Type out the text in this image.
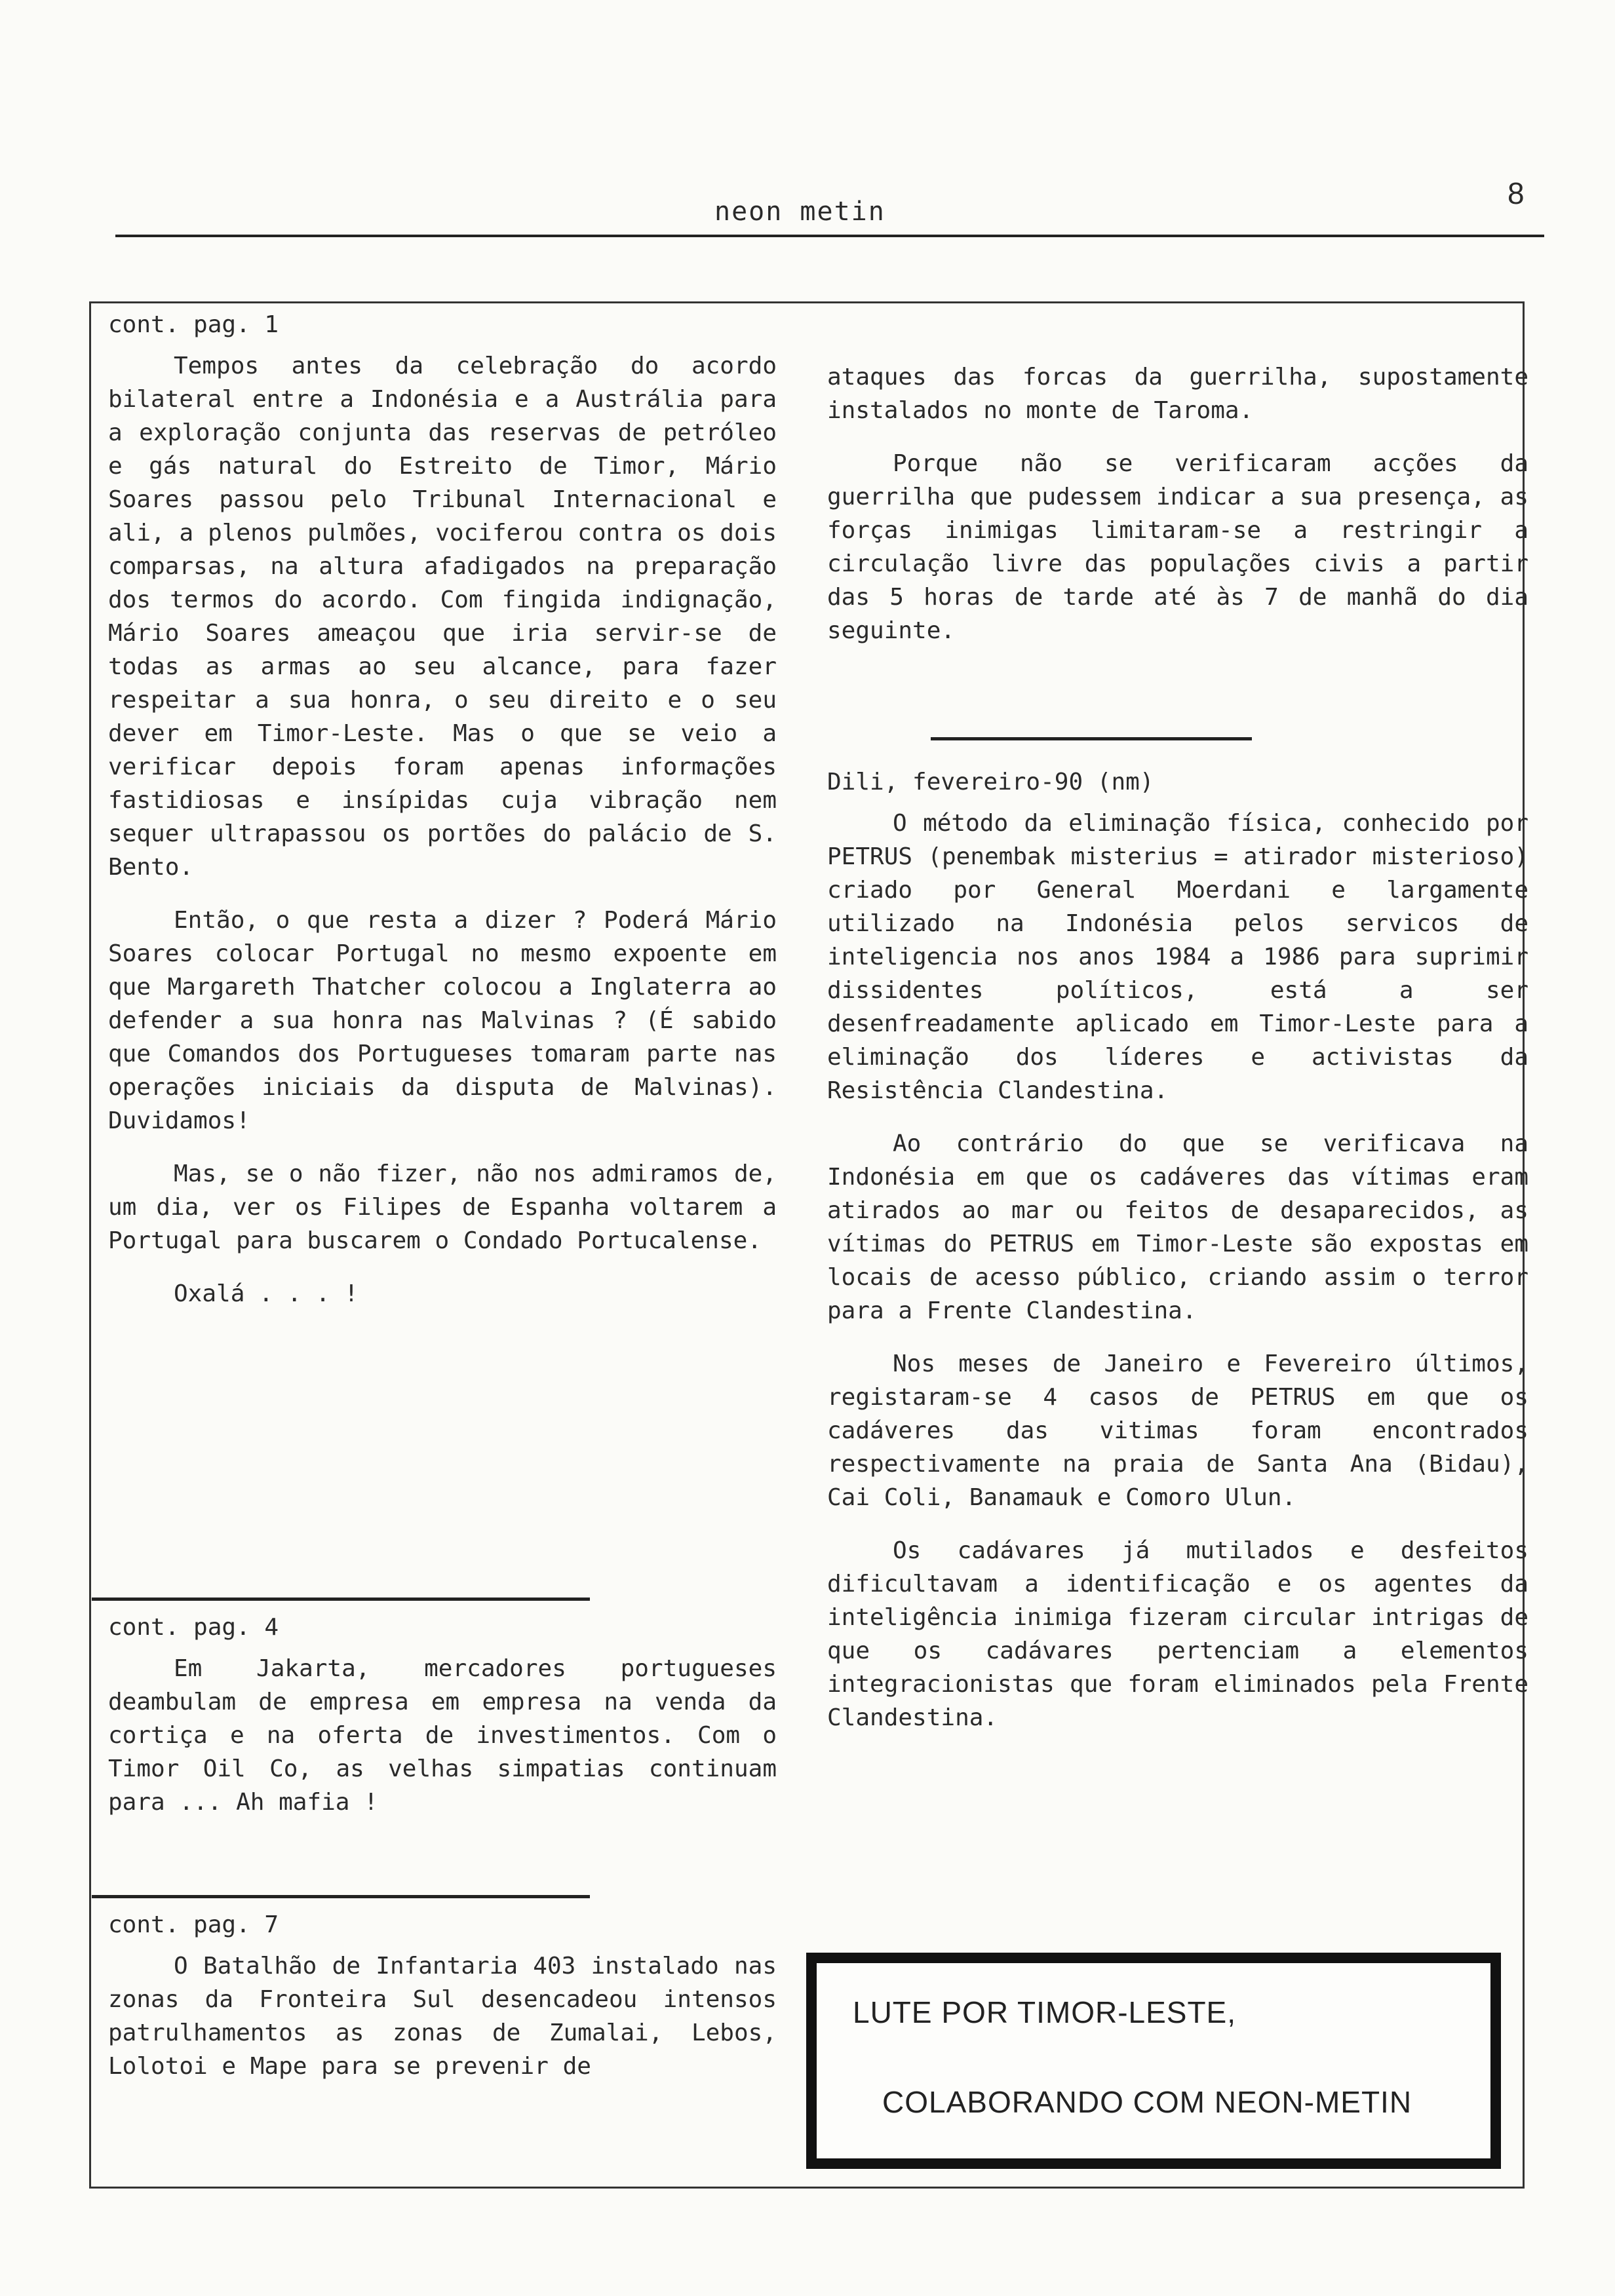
neon metin
8

cont. pag. 1

Tempos antes da celebração do acordo bilateral entre a Indonésia e a Austrália para a exploração conjunta das reservas de petróleo e gás natural do Estreito de Timor, Mário Soares passou pelo Tribunal Internacional e ali, a plenos pulmões, vociferou contra os dois comparsas, na altura afadigados na preparação dos termos do acordo. Com fingida indignação, Mário Soares ameaçou que iria servir-se de todas as armas ao seu alcance, para fazer respeitar a sua honra, o seu direito e o seu dever em Timor-Leste. Mas o que se veio a verificar depois foram apenas informações fastidiosas e insípidas cuja vibração nem sequer ultrapassou os portões do palácio de S. Bento.

Então, o que resta a dizer ? Poderá Mário Soares colocar Portugal no mesmo expoente em que Margareth Thatcher colocou a Inglaterra ao defender a sua honra nas Malvinas ? (É sabido que Comandos dos Portugueses tomaram parte nas operações iniciais da disputa de Malvinas). Duvidamos!

Mas, se o não fizer, não nos admiramos de, um dia, ver os Filipes de Espanha voltarem a Portugal para buscarem o Condado Portucalense.

Oxalá . . . !

cont. pag. 4

Em Jakarta, mercadores portugueses deambulam de empresa em empresa na venda da cortiça e na oferta de investimentos. Com o Timor Oil Co, as velhas simpatias continuam para ... Ah mafia !

cont. pag. 7

O Batalhão de Infantaria 403 instalado nas zonas da Fronteira Sul desencadeou intensos patrulhamentos as zonas de Zumalai, Lebos, Lolotoi e Mape para se prevenir de

ataques das forcas da guerrilha, supostamente instalados no monte de Taroma.

Porque não se verificaram acções da guerrilha que pudessem indicar a sua presença, as forças inimigas limitaram-se a restringir a circulação livre das populações civis a partir das 5 horas de tarde até às 7 de manhã do dia seguinte.

Dili, fevereiro-90 (nm)

O método da eliminação física, conhecido por PETRUS (penembak misterius = atirador misterioso) criado por General Moerdani e largamente utilizado na Indonésia pelos servicos de inteligencia nos anos 1984 a 1986 para suprimir dissidentes políticos, está a ser desenfreadamente aplicado em Timor-Leste para a eliminação dos líderes e activistas da Resistência Clandestina.

Ao contrário do que se verificava na Indonésia em que os cadáveres das vítimas eram atirados ao mar ou feitos de desaparecidos, as vítimas do PETRUS em Timor-Leste são expostas em locais de acesso público, criando assim o terror para a Frente Clandestina.

Nos meses de Janeiro e Fevereiro últimos, registaram-se 4 casos de PETRUS em que os cadáveres das vitimas foram encontrados respectivamente na praia de Santa Ana (Bidau), Cai Coli, Banamauk e Comoro Ulun.

Os cadávares já mutilados e desfeitos dificultavam a identificação e os agentes da inteligência inimiga fizeram circular intrigas de que os cadávares pertenciam a elementos integracionistas que foram eliminados pela Frente Clandestina.

LUTE POR TIMOR-LESTE,
COLABORANDO COM NEON-METIN
